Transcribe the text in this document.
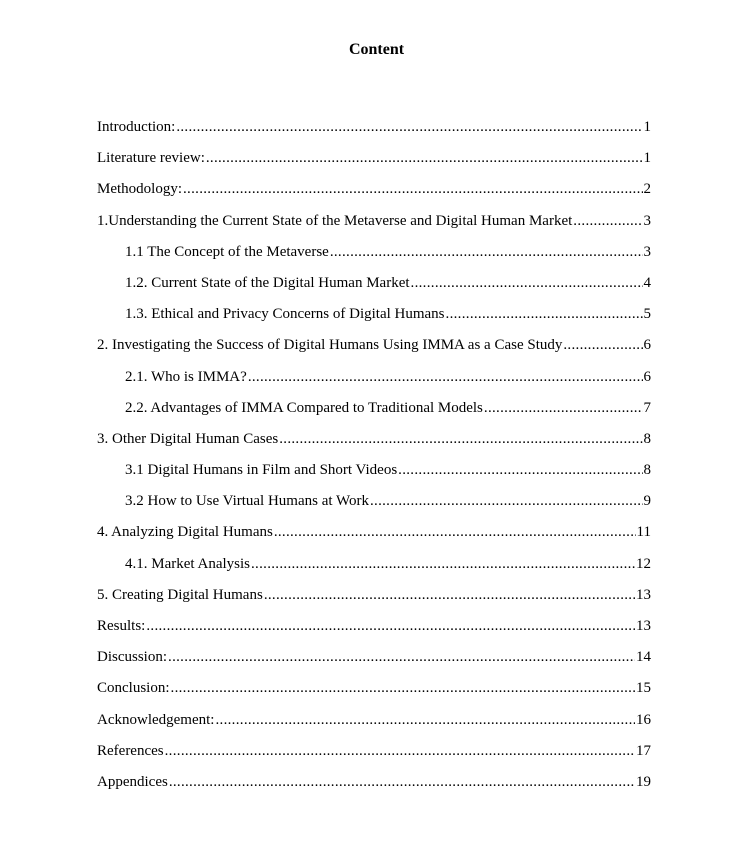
Content
Introduction: .....	1
Literature review: .....	1
Methodology: .....	2
1.Understanding the Current State of the Metaverse and Digital Human Market .....	3
1.1 The Concept of the Metaverse .....	3
1.2. Current State of the Digital Human Market .....	4
1.3. Ethical and Privacy Concerns of Digital Humans .....	5
2. Investigating the Success of Digital Humans Using IMMA as a Case Study .....	6
2.1. Who is IMMA? .....	6
2.2. Advantages of IMMA Compared to Traditional Models .....	7
3. Other Digital Human Cases .....	8
3.1 Digital Humans in Film and Short Videos .....	8
3.2 How to Use Virtual Humans at Work .....	9
4. Analyzing Digital Humans .....	11
4.1. Market Analysis .....	12
5. Creating Digital Humans .....	13
Results: .....	13
Discussion: .....	14
Conclusion: .....	15
Acknowledgement: .....	16
References .....	17
Appendices .....	19
